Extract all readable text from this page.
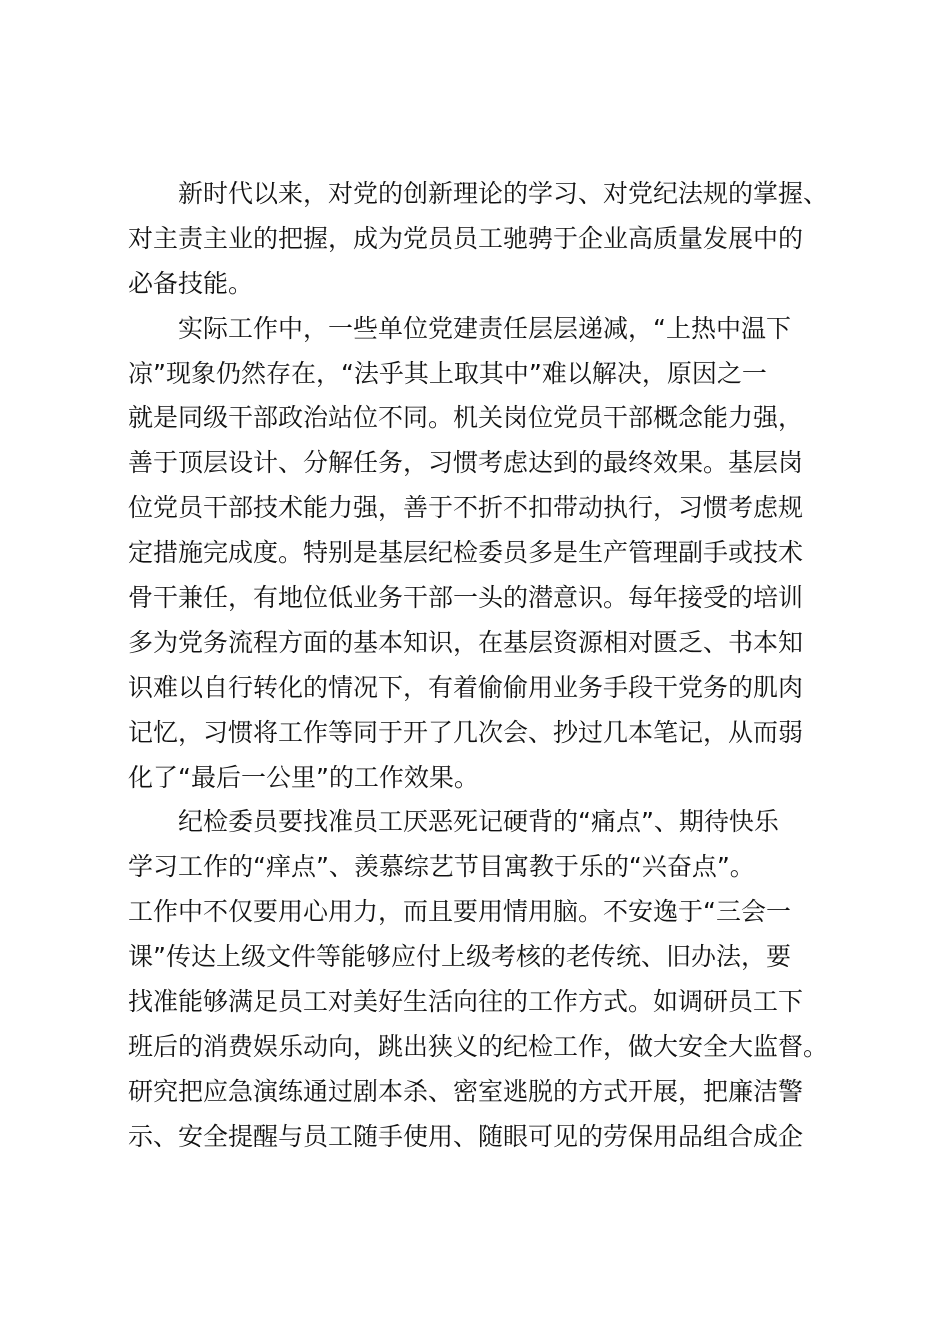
新时代以来，对党的创新理论的学习、对党纪法规的掌握、
对主责主业的把握，成为党员员工驰骋于企业高质量发展中的
必备技能。
实际工作中，一些单位党建责任层层递减，“上热中温下
凉”现象仍然存在，“法乎其上取其中”难以解决，原因之一
就是同级干部政治站位不同。机关岗位党员干部概念能力强，
善于顶层设计、分解任务，习惯考虑达到的最终效果。基层岗
位党员干部技术能力强，善于不折不扣带动执行，习惯考虑规
定措施完成度。特别是基层纪检委员多是生产管理副手或技术
骨干兼任，有地位低业务干部一头的潜意识。每年接受的培训
多为党务流程方面的基本知识，在基层资源相对匮乏、书本知
识难以自行转化的情况下，有着偷偷用业务手段干党务的肌肉
记忆，习惯将工作等同于开了几次会、抄过几本笔记，从而弱
化了“最后一公里”的工作效果。
纪检委员要找准员工厌恶死记硬背的“痛点”、期待快乐
学习工作的“痒点”、羡慕综艺节目寓教于乐的“兴奋点”。
工作中不仅要用心用力，而且要用情用脑。不安逸于“三会一
课”传达上级文件等能够应付上级考核的老传统、旧办法，要
找准能够满足员工对美好生活向往的工作方式。如调研员工下
班后的消费娱乐动向，跳出狭义的纪检工作，做大安全大监督。
研究把应急演练通过剧本杀、密室逃脱的方式开展，把廉洁警
示、安全提醒与员工随手使用、随眼可见的劳保用品组合成企
